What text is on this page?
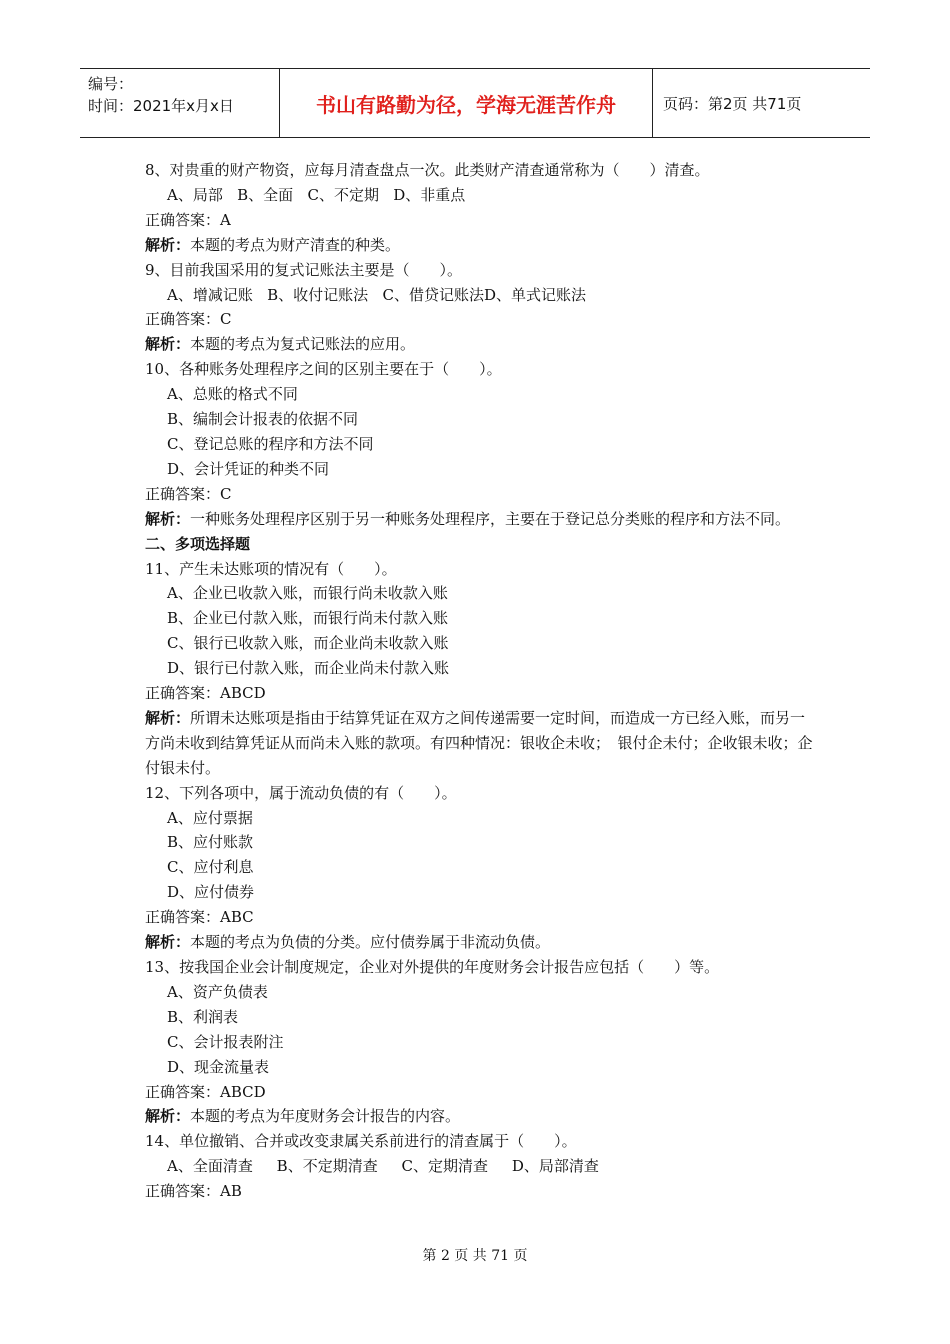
编号：
时间：2021年x月x日	书山有路勤为径，学海无涯苦作舟	页码：第2页 共71页
8、对贵重的财产物资，应每月清查盘点一次。此类财产清查通常称为（　　）清查。
A、局部   B、全面   C、不定期   D、非重点
正确答案：A
解析：本题的考点为财产清查的种类。
9、目前我国采用的复式记账法主要是（　　）。
A、增减记账   B、收付记账法   C、借贷记账法D、单式记账法
正确答案：C
解析：本题的考点为复式记账法的应用。
10、各种账务处理程序之间的区别主要在于（　　）。
A、总账的格式不同
B、编制会计报表的依据不同
C、登记总账的程序和方法不同
D、会计凭证的种类不同
正确答案：C
解析：一种账务处理程序区别于另一种账务处理程序，主要在于登记总分类账的程序和方法不同。
二、多项选择题
11、产生未达账项的情况有（　　）。
A、企业已收款入账，而银行尚未收款入账
B、企业已付款入账，而银行尚未付款入账
C、银行已收款入账，而企业尚未收款入账
D、银行已付款入账，而企业尚未付款入账
正确答案：ABCD
解析：所谓未达账项是指由于结算凭证在双方之间传递需要一定时间，而造成一方已经入账，而另一方尚未收到结算凭证从而尚未入账的款项。有四种情况：银收企未收；　银付企未付；企收银未收；企付银未付。
12、下列各项中，属于流动负债的有（　　）。
A、应付票据
B、应付账款
C、应付利息
D、应付债券
正确答案：ABC
解析：本题的考点为负债的分类。应付债券属于非流动负债。
13、按我国企业会计制度规定，企业对外提供的年度财务会计报告应包括（　　）等。
A、资产负债表
B、利润表
C、会计报表附注
D、现金流量表
正确答案：ABCD
解析：本题的考点为年度财务会计报告的内容。
14、单位撤销、合并或改变隶属关系前进行的清查属于（　　）。
A、全面清查     B、不定期清查     C、定期清查     D、局部清查
正确答案：AB
第 2 页 共 71 页
